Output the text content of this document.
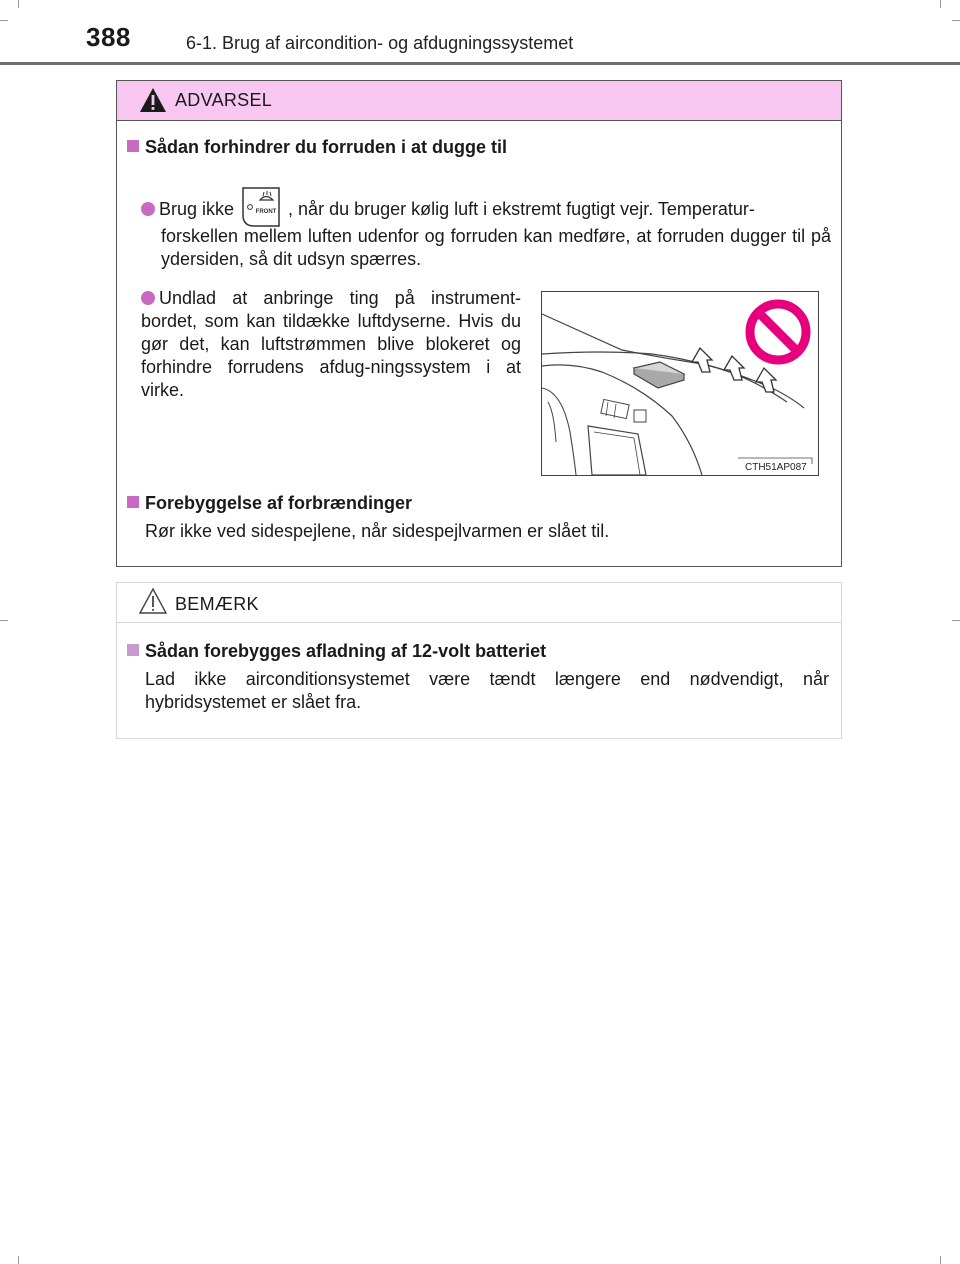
388	6-1. Brug af aircondition- og afdugningssystemet
ADVARSEL
Sådan forhindrer du forruden i at dugge til
Brug ikke	FRONT , når du bruger kølig luft i ekstremt fugtigt vejr. Temperatur-
forskellen mellem luften udenfor og forruden kan medføre, at forruden dugger til på ydersiden, så dit udsyn spærres.
Undlad at anbringe ting på instrument-bordet, som kan tildække luftdyserne. Hvis du gør det, kan luftstrømmen blive blokeret og forhindre forrudens afdug-ningssystem i at virke.
CTH51AP087
Forebyggelse af forbrændinger
Rør ikke ved sidespejlene, når sidespejlvarmen er slået til.
BEMÆRK
Sådan forebygges afladning af 12-volt batteriet
Lad ikke airconditionsystemet være tændt længere end nødvendigt, når hybridsystemet er slået fra.
